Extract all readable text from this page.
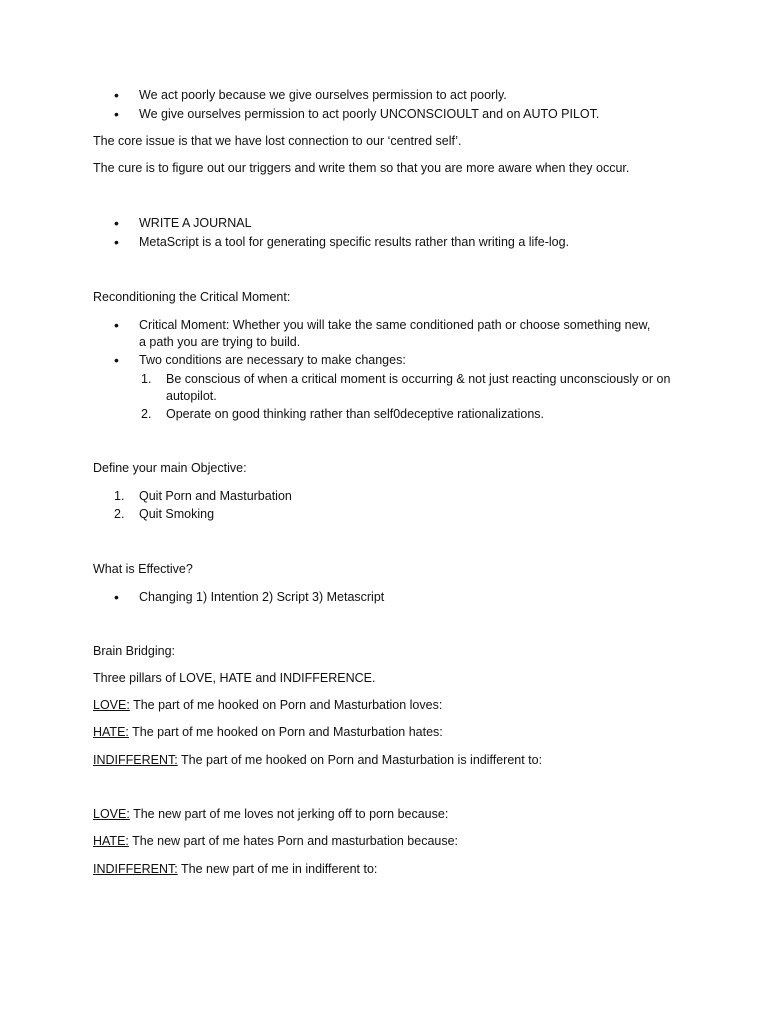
We act poorly because we give ourselves permission to act poorly.
We give ourselves permission to act poorly UNCONSCIOULT and on AUTO PILOT.

The core issue is that we have lost connection to our ‘centred self’.

The cure is to figure out our triggers and write them so that you are more aware when they occur.

WRITE A JOURNAL
MetaScript is a tool for generating specific results rather than writing a life-log.

Reconditioning the Critical Moment:

Critical Moment: Whether you will take the same conditioned path or choose something new, a path you are trying to build.
Two conditions are necessary to make changes:
1. Be conscious of when a critical moment is occurring & not just reacting unconsciously or on autopilot.
2. Operate on good thinking rather than self0deceptive rationalizations.

Define your main Objective:

1. Quit Porn and Masturbation
2. Quit Smoking

What is Effective?

Changing 1) Intention 2) Script 3) Metascript

Brain Bridging:

Three pillars of LOVE, HATE and INDIFFERENCE.

LOVE: The part of me hooked on Porn and Masturbation loves:

HATE: The part of me hooked on Porn and Masturbation hates:

INDIFFERENT: The part of me hooked on Porn and Masturbation is indifferent to:

LOVE: The new part of me loves not jerking off to porn because:

HATE: The new part of me hates Porn and masturbation because:

INDIFFERENT: The new part of me in indifferent to:
